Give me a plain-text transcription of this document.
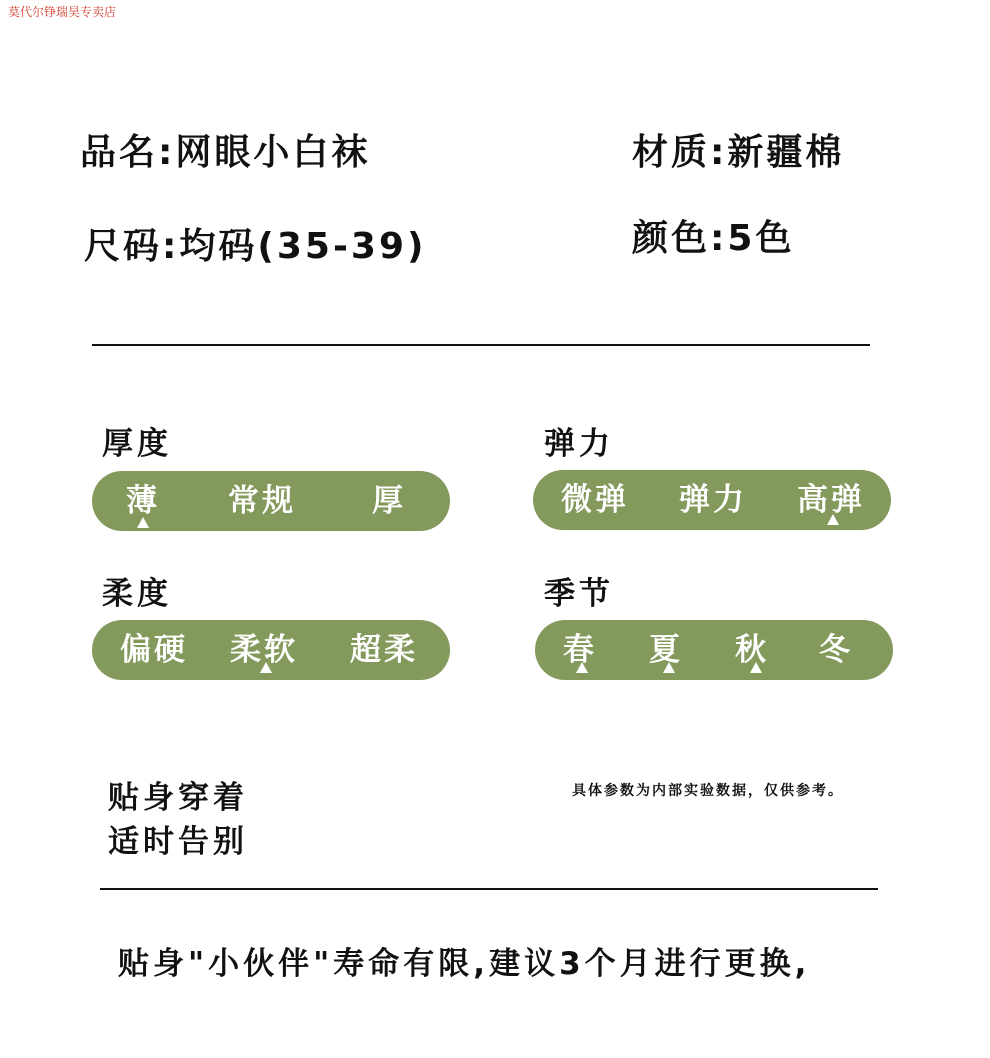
莫代尔铮瑞昊专卖店
品名:网眼小白袜	材质:新疆棉
尺码:均码(35-39)	颜色:5色
厚度
薄 常规 厚
弹力
微弹 弹力 高弹
柔度
偏硬 柔软 超柔
季节
春 夏 秋 冬
贴身穿着
适时告别
具体参数为内部实验数据，仅供参考。
贴身"小伙伴"寿命有限,建议3个月进行更换,
